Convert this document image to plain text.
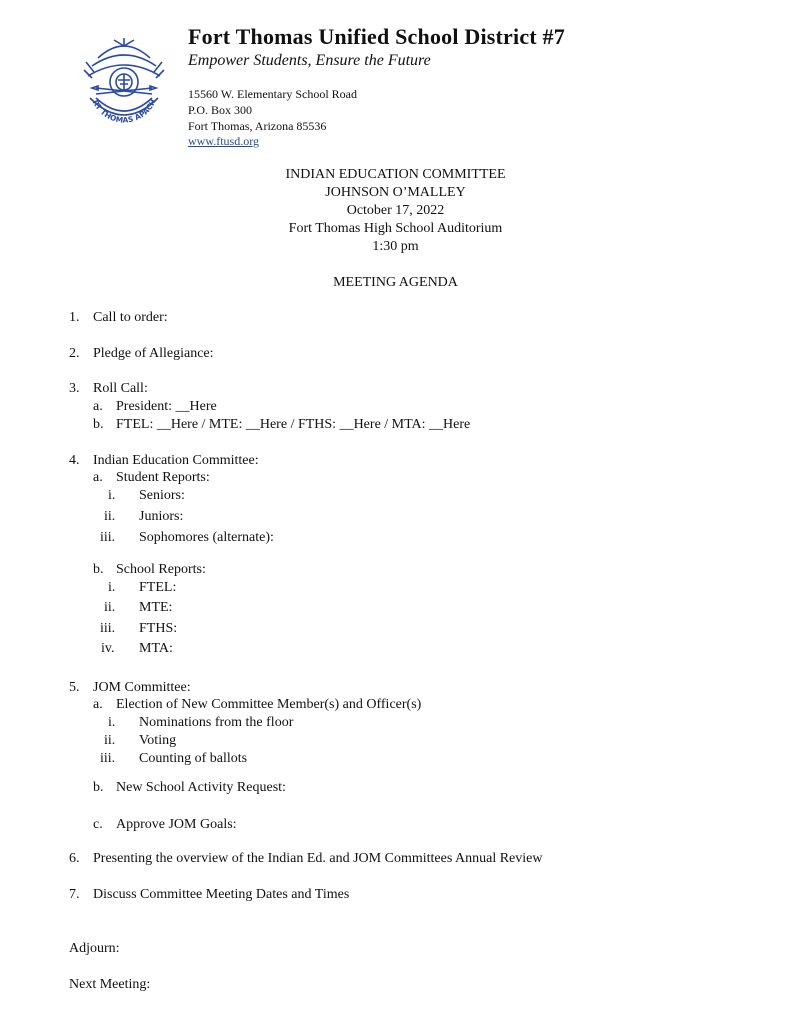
RT THOMAS APACH
Fort Thomas Unified School District #7
Empower Students, Ensure the Future
15560 W. Elementary School Road
P.O. Box 300
Fort Thomas, Arizona 85536
www.ftusd.org
INDIAN EDUCATION COMMITTEE
JOHNSON O’MALLEY
October 17, 2022
Fort Thomas High School Auditorium
1:30 pm
MEETING AGENDA
1. Call to order:
2. Pledge of Allegiance:
3. Roll Call:
a. President: __Here
b. FTEL: __Here / MTE: __Here / FTHS: __Here / MTA: __Here
4. Indian Education Committee:
a. Student Reports:
i. Seniors:
ii. Juniors:
iii. Sophomores (alternate):
b. School Reports:
i. FTEL:
ii. MTE:
iii. FTHS:
iv. MTA:
5. JOM Committee:
a. Election of New Committee Member(s) and Officer(s)
i. Nominations from the floor
ii. Voting
iii. Counting of ballots
b. New School Activity Request:
c. Approve JOM Goals:
6. Presenting the overview of the Indian Ed. and JOM Committees Annual Review
7. Discuss Committee Meeting Dates and Times
Adjourn:
Next Meeting:
